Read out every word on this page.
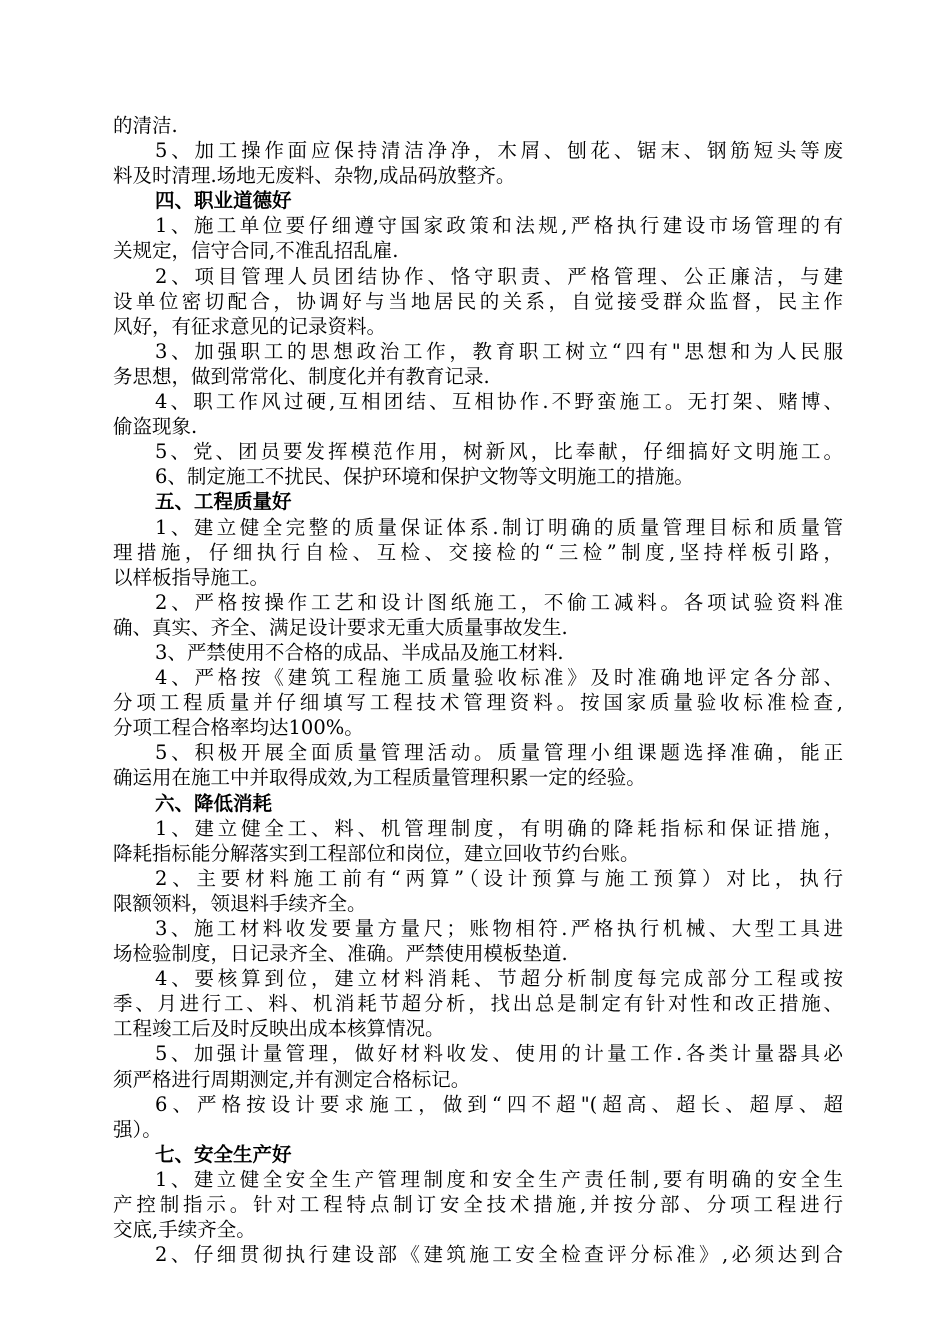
的清洁.
5、加工操作面应保持清洁净净，木屑、刨花、锯末、钢筋短头等废
料及时清理.场地无废料、杂物,成品码放整齐。
四、职业道德好
1、施工单位要仔细遵守国家政策和法规,严格执行建设市场管理的有
关规定，信守合同,不准乱招乱雇.
2、项目管理人员团结协作、恪守职责、严格管理、公正廉洁，与建
设单位密切配合，协调好与当地居民的关系，自觉接受群众监督，民主作
风好，有征求意见的记录资料。
3、加强职工的思想政治工作，教育职工树立“四有"思想和为人民服
务思想，做到常常化、制度化并有教育记录.
4、职工作风过硬,互相团结、互相协作.不野蛮施工。无打架、赌博、
偷盗现象.
5、党、团员要发挥模范作用，树新风，比奉献，仔细搞好文明施工。
6、制定施工不扰民、保护环境和保护文物等文明施工的措施。
五、工程质量好
1、建立健全完整的质量保证体系.制订明确的质量管理目标和质量管
理措施，仔细执行自检、互检、交接检的“三检”制度,坚持样板引路，
以样板指导施工。
2、严格按操作工艺和设计图纸施工，不偷工减料。各项试验资料准
确、真实、齐全、满足设计要求无重大质量事故发生.
3、严禁使用不合格的成品、半成品及施工材料.
4、严格按《建筑工程施工质量验收标准》及时准确地评定各分部、
分项工程质量并仔细填写工程技术管理资料。按国家质量验收标准检查,
分项工程合格率均达100%。
5、积极开展全面质量管理活动。质量管理小组课题选择准确，能正
确运用在施工中并取得成效,为工程质量管理积累一定的经验。
六、降低消耗
1、建立健全工、料、机管理制度，有明确的降耗指标和保证措施，
降耗指标能分解落实到工程部位和岗位，建立回收节约台账。
2、主要材料施工前有“两算”（设计预算与施工预算）对比，执行
限额领料，领退料手续齐全。
3、施工材料收发要量方量尺；账物相符.严格执行机械、大型工具进
场检验制度，日记录齐全、准确。严禁使用模板垫道.
4、要核算到位，建立材料消耗、节超分析制度每完成部分工程或按
季、月进行工、料、机消耗节超分析，找出总是制定有针对性和改正措施、
工程竣工后及时反映出成本核算情况。
5、加强计量管理，做好材料收发、使用的计量工作.各类计量器具必
须严格进行周期测定,并有测定合格标记。
6、严格按设计要求施工，做到“四不超"(超高、超长、超厚、超
强）。
七、安全生产好
1、建立健全安全生产管理制度和安全生产责任制,要有明确的安全生
产控制指示。针对工程特点制订安全技术措施,并按分部、分项工程进行
交底,手续齐全。
2、仔细贯彻执行建设部《建筑施工安全检查评分标准》,必须达到合
